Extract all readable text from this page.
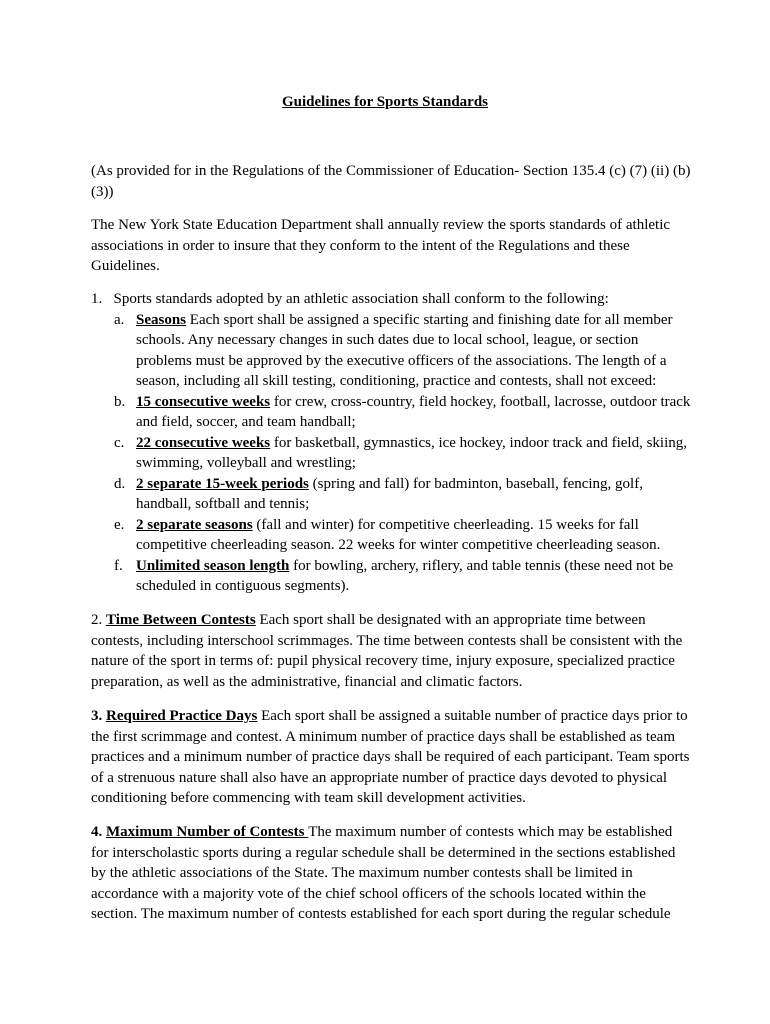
Guidelines for Sports Standards

(As provided for in the Regulations of the Commissioner of Education- Section 135.4 (c) (7) (ii) (b) (3))

The New York State Education Department shall annually review the sports standards of athletic associations in order to insure that they conform to the intent of the Regulations and these Guidelines.

1. Sports standards adopted by an athletic association shall conform to the following:

a. Seasons Each sport shall be assigned a specific starting and finishing date for all member schools. Any necessary changes in such dates due to local school, league, or section problems must be approved by the executive officers of the associations. The length of a season, including all skill testing, conditioning, practice and contests, shall not exceed:
b. 15 consecutive weeks for crew, cross-country, field hockey, football, lacrosse, outdoor track and field, soccer, and team handball;
c. 22 consecutive weeks for basketball, gymnastics, ice hockey, indoor track and field, skiing, swimming, volleyball and wrestling;
d. 2 separate 15-week periods (spring and fall) for badminton, baseball, fencing, golf, handball, softball and tennis;
e. 2 separate seasons (fall and winter) for competitive cheerleading. 15 weeks for fall competitive cheerleading season. 22 weeks for winter competitive cheerleading season.
f. Unlimited season length for bowling, archery, riflery, and table tennis (these need not be scheduled in contiguous segments).

2. Time Between Contests Each sport shall be designated with an appropriate time between contests, including interschool scrimmages. The time between contests shall be consistent with the nature of the sport in terms of: pupil physical recovery time, injury exposure, specialized practice preparation, as well as the administrative, financial and climatic factors.

3. Required Practice Days Each sport shall be assigned a suitable number of practice days prior to the first scrimmage and contest. A minimum number of practice days shall be established as team practices and a minimum number of practice days shall be required of each participant. Team sports of a strenuous nature shall also have an appropriate number of practice days devoted to physical conditioning before commencing with team skill development activities.

4. Maximum Number of Contests The maximum number of contests which may be established for interscholastic sports during a regular schedule shall be determined in the sections established by the athletic associations of the State. The maximum number contests shall be limited in accordance with a majority vote of the chief school officers of the schools located within the section. The maximum number of contests established for each sport during the regular schedule
